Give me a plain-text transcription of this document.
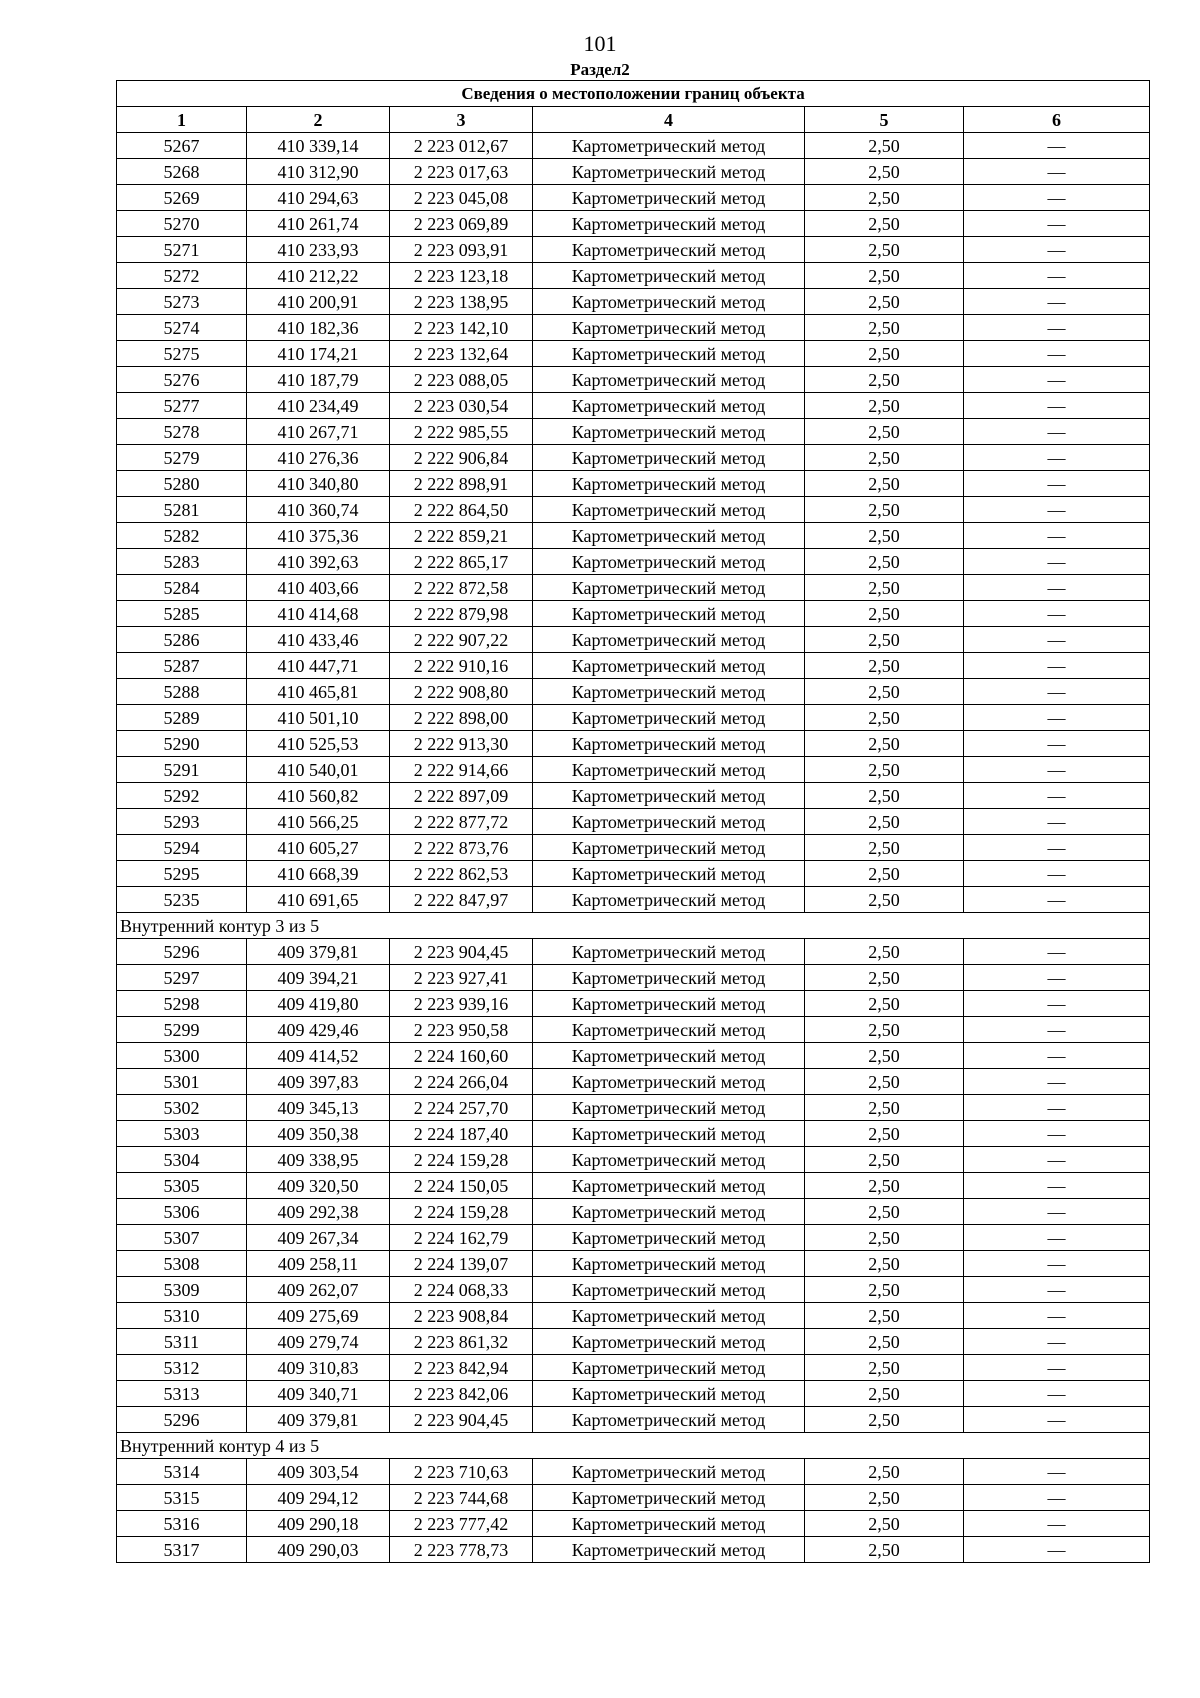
101
Раздел2
Сведения о местоположении границ объекта					
1	2	3	4	5	6
5267	410 339,14	2 223 012,67	Картометрический метод	2,50	—
5268	410 312,90	2 223 017,63	Картометрический метод	2,50	—
5269	410 294,63	2 223 045,08	Картометрический метод	2,50	—
5270	410 261,74	2 223 069,89	Картометрический метод	2,50	—
5271	410 233,93	2 223 093,91	Картометрический метод	2,50	—
5272	410 212,22	2 223 123,18	Картометрический метод	2,50	—
5273	410 200,91	2 223 138,95	Картометрический метод	2,50	—
5274	410 182,36	2 223 142,10	Картометрический метод	2,50	—
5275	410 174,21	2 223 132,64	Картометрический метод	2,50	—
5276	410 187,79	2 223 088,05	Картометрический метод	2,50	—
5277	410 234,49	2 223 030,54	Картометрический метод	2,50	—
5278	410 267,71	2 222 985,55	Картометрический метод	2,50	—
5279	410 276,36	2 222 906,84	Картометрический метод	2,50	—
5280	410 340,80	2 222 898,91	Картометрический метод	2,50	—
5281	410 360,74	2 222 864,50	Картометрический метод	2,50	—
5282	410 375,36	2 222 859,21	Картометрический метод	2,50	—
5283	410 392,63	2 222 865,17	Картометрический метод	2,50	—
5284	410 403,66	2 222 872,58	Картометрический метод	2,50	—
5285	410 414,68	2 222 879,98	Картометрический метод	2,50	—
5286	410 433,46	2 222 907,22	Картометрический метод	2,50	—
5287	410 447,71	2 222 910,16	Картометрический метод	2,50	—
5288	410 465,81	2 222 908,80	Картометрический метод	2,50	—
5289	410 501,10	2 222 898,00	Картометрический метод	2,50	—
5290	410 525,53	2 222 913,30	Картометрический метод	2,50	—
5291	410 540,01	2 222 914,66	Картометрический метод	2,50	—
5292	410 560,82	2 222 897,09	Картометрический метод	2,50	—
5293	410 566,25	2 222 877,72	Картометрический метод	2,50	—
5294	410 605,27	2 222 873,76	Картометрический метод	2,50	—
5295	410 668,39	2 222 862,53	Картометрический метод	2,50	—
5235	410 691,65	2 222 847,97	Картометрический метод	2,50	—
Внутренний контур 3 из 5					
5296	409 379,81	2 223 904,45	Картометрический метод	2,50	—
5297	409 394,21	2 223 927,41	Картометрический метод	2,50	—
5298	409 419,80	2 223 939,16	Картометрический метод	2,50	—
5299	409 429,46	2 223 950,58	Картометрический метод	2,50	—
5300	409 414,52	2 224 160,60	Картометрический метод	2,50	—
5301	409 397,83	2 224 266,04	Картометрический метод	2,50	—
5302	409 345,13	2 224 257,70	Картометрический метод	2,50	—
5303	409 350,38	2 224 187,40	Картометрический метод	2,50	—
5304	409 338,95	2 224 159,28	Картометрический метод	2,50	—
5305	409 320,50	2 224 150,05	Картометрический метод	2,50	—
5306	409 292,38	2 224 159,28	Картометрический метод	2,50	—
5307	409 267,34	2 224 162,79	Картометрический метод	2,50	—
5308	409 258,11	2 224 139,07	Картометрический метод	2,50	—
5309	409 262,07	2 224 068,33	Картометрический метод	2,50	—
5310	409 275,69	2 223 908,84	Картометрический метод	2,50	—
5311	409 279,74	2 223 861,32	Картометрический метод	2,50	—
5312	409 310,83	2 223 842,94	Картометрический метод	2,50	—
5313	409 340,71	2 223 842,06	Картометрический метод	2,50	—
5296	409 379,81	2 223 904,45	Картометрический метод	2,50	—
Внутренний контур 4 из 5					
5314	409 303,54	2 223 710,63	Картометрический метод	2,50	—
5315	409 294,12	2 223 744,68	Картометрический метод	2,50	—
5316	409 290,18	2 223 777,42	Картометрический метод	2,50	—
5317	409 290,03	2 223 778,73	Картометрический метод	2,50	—
